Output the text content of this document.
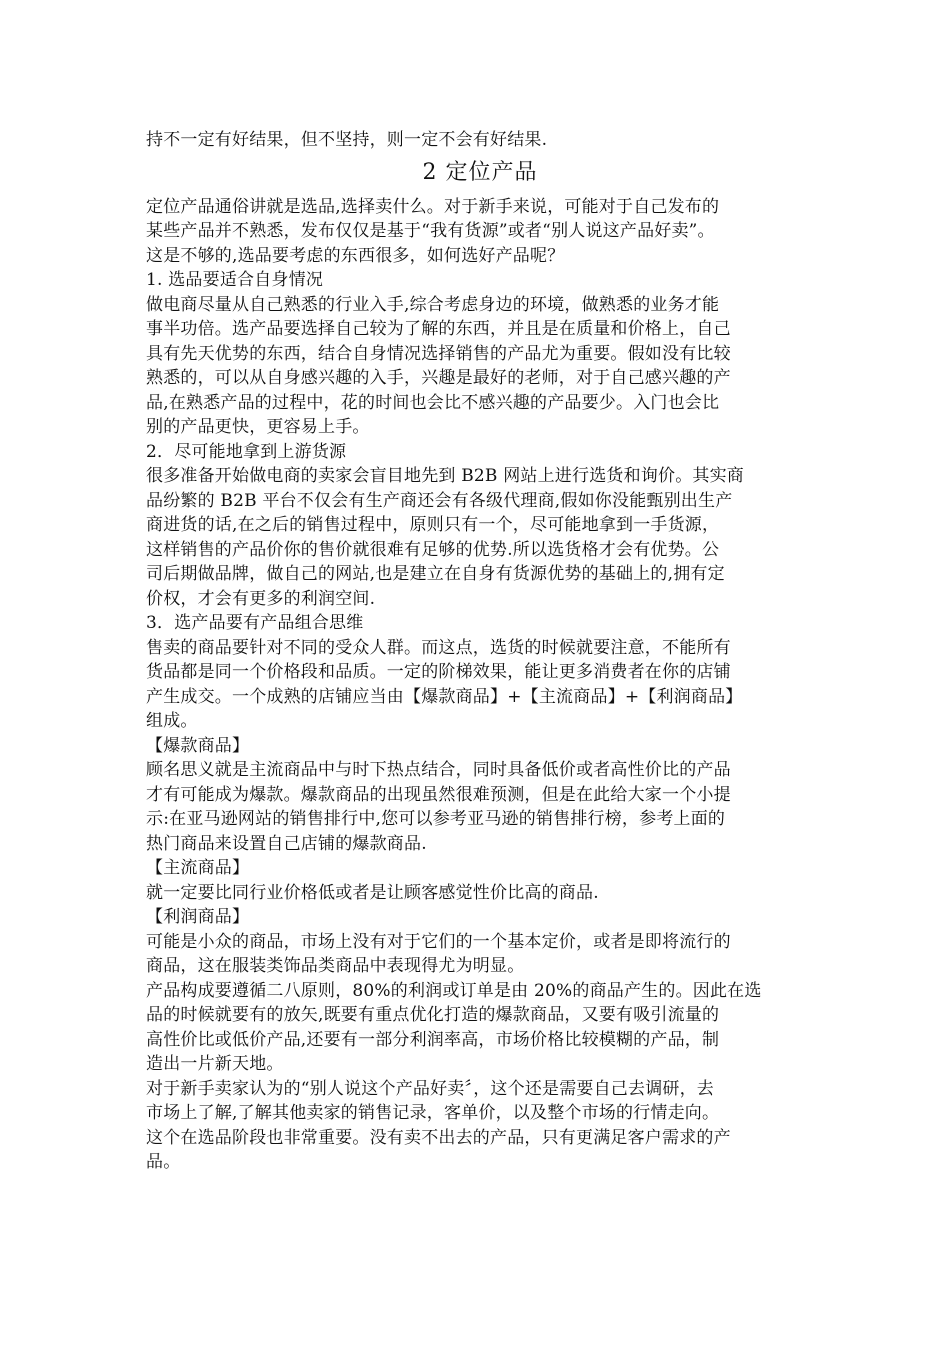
持不一定有好结果，但不坚持，则一定不会有好结果.
2 定位产品
定位产品通俗讲就是选品,选择卖什么。对于新手来说，可能对于自己发布的
某些产品并不熟悉，发布仅仅是基于“我有货源”或者“别人说这产品好卖”。
这是不够的,选品要考虑的东西很多，如何选好产品呢？
1. 选品要适合自身情况
做电商尽量从自己熟悉的行业入手,综合考虑身边的环境，做熟悉的业务才能
事半功倍。选产品要选择自己较为了解的东西，并且是在质量和价格上，自己
具有先天优势的东西，结合自身情况选择销售的产品尤为重要。假如没有比较
熟悉的，可以从自身感兴趣的入手，兴趣是最好的老师，对于自己感兴趣的产
品,在熟悉产品的过程中，花的时间也会比不感兴趣的产品要少。入门也会比
别的产品更快，更容易上手。
2．尽可能地拿到上游货源
很多准备开始做电商的卖家会盲目地先到 B2B 网站上进行选货和询价。其实商
品纷繁的 B2B 平台不仅会有生产商还会有各级代理商,假如你没能甄别出生产
商进货的话,在之后的销售过程中，原则只有一个，尽可能地拿到一手货源，
这样销售的产品价你的售价就很难有足够的优势.所以选货格才会有优势。公
司后期做品牌，做自己的网站,也是建立在自身有货源优势的基础上的,拥有定
价权，才会有更多的利润空间.
3．选产品要有产品组合思维
售卖的商品要针对不同的受众人群。而这点，选货的时候就要注意，不能所有
货品都是同一个价格段和品质。一定的阶梯效果，能让更多消费者在你的店铺
产生成交。一个成熟的店铺应当由【爆款商品】+【主流商品】+【利润商品】
组成。
【爆款商品】
顾名思义就是主流商品中与时下热点结合，同时具备低价或者高性价比的产品
才有可能成为爆款。爆款商品的出现虽然很难预测，但是在此给大家一个小提
示:在亚马逊网站的销售排行中,您可以参考亚马逊的销售排行榜，参考上面的
热门商品来设置自己店铺的爆款商品.
【主流商品】
就一定要比同行业价格低或者是让顾客感觉性价比高的商品.
【利润商品】
可能是小众的商品，市场上没有对于它们的一个基本定价，或者是即将流行的
商品，这在服装类饰品类商品中表现得尤为明显。
产品构成要遵循二八原则，80%的利润或订单是由 20%的商品产生的。因此在选
品的时候就要有的放矢,既要有重点优化打造的爆款商品，又要有吸引流量的
高性价比或低价产品,还要有一部分利润率高，市场价格比较模糊的产品，制
造出一片新天地。
对于新手卖家认为的“别人说这个产品好卖〞，这个还是需要自己去调研，去
市场上了解,了解其他卖家的销售记录，客单价，以及整个市场的行情走向。
这个在选品阶段也非常重要。没有卖不出去的产品，只有更满足客户需求的产
品。
